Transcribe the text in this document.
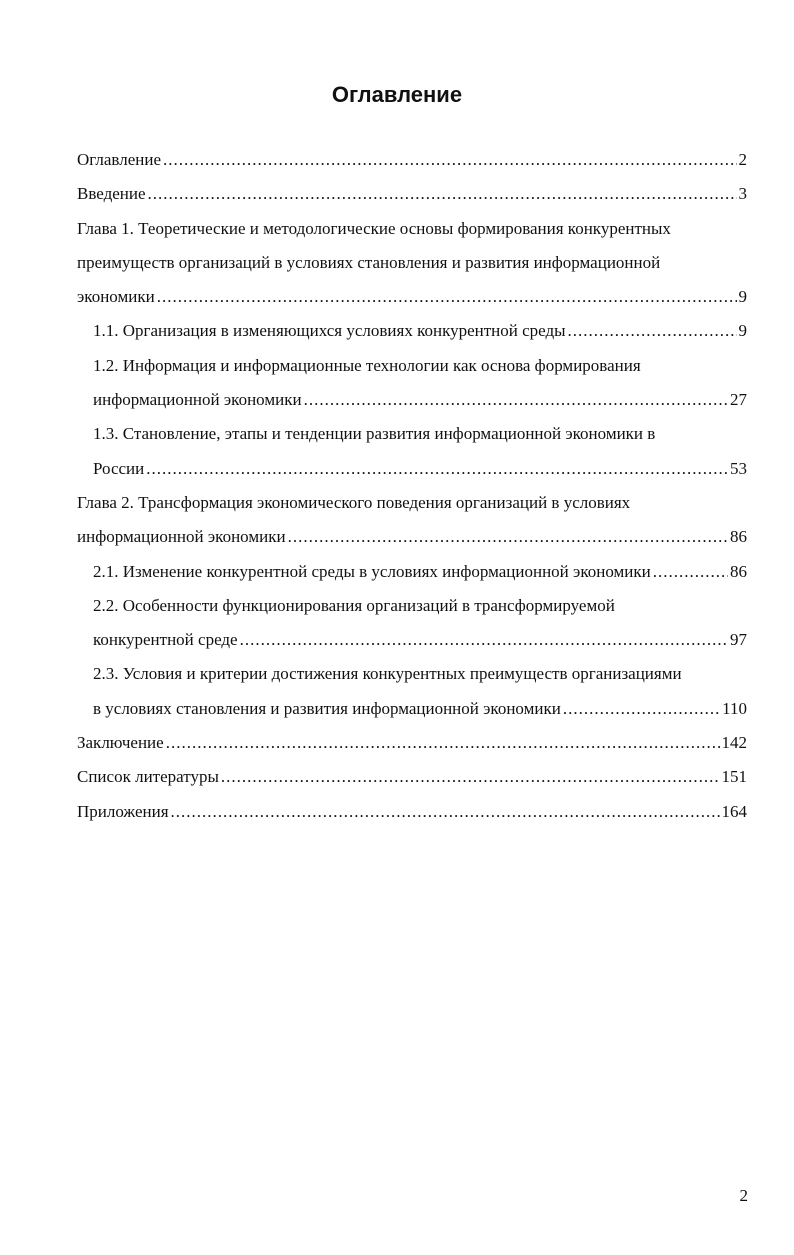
Оглавление
Оглавление .....	2
Введение .....	3
Глава 1. Теоретические и методологические основы формирования конкурентных
преимуществ организаций в условиях становления и развития информационной
экономики .....	9
1.1. Организация в изменяющихся условиях конкурентной среды .....	9
1.2. Информация и информационные технологии как основа формирования
информационной экономики .....	27
1.3. Становление, этапы и тенденции развития информационной экономики в
России .....	53
Глава 2. Трансформация экономического поведения организаций в условиях
информационной экономики .....	86
2.1. Изменение конкурентной среды в условиях информационной экономики .....	86
2.2. Особенности функционирования организаций в трансформируемой
конкурентной среде .....	97
2.3. Условия и критерии достижения конкурентных преимуществ организациями
в условиях становления и развития информационной экономики .....	110
Заключение .....	142
Список литературы .....	151
Приложения .....	164
2
